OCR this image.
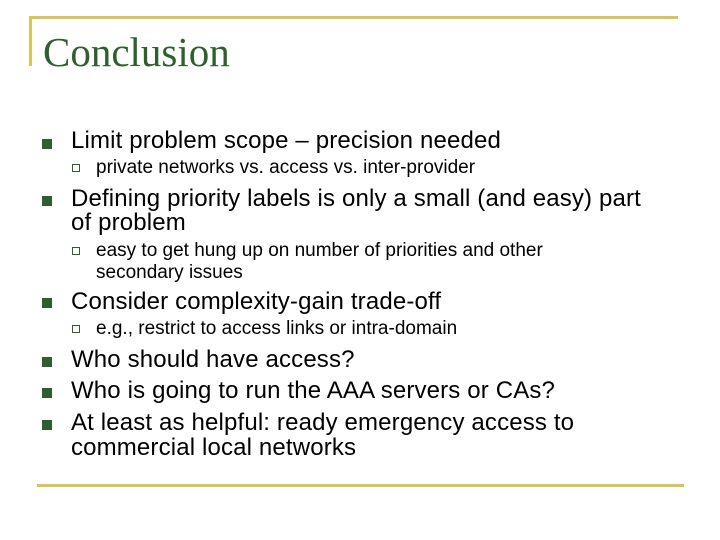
Conclusion
Limit problem scope – precision needed
private networks vs. access vs. inter-provider
Defining priority labels is only a small (and easy) part
of problem
easy to get hung up on number of priorities and other
secondary issues
Consider complexity-gain trade-off
e.g., restrict to access links or intra-domain
Who should have access?
Who is going to run the AAA servers or CAs?
At least as helpful: ready emergency access to
commercial local networks
